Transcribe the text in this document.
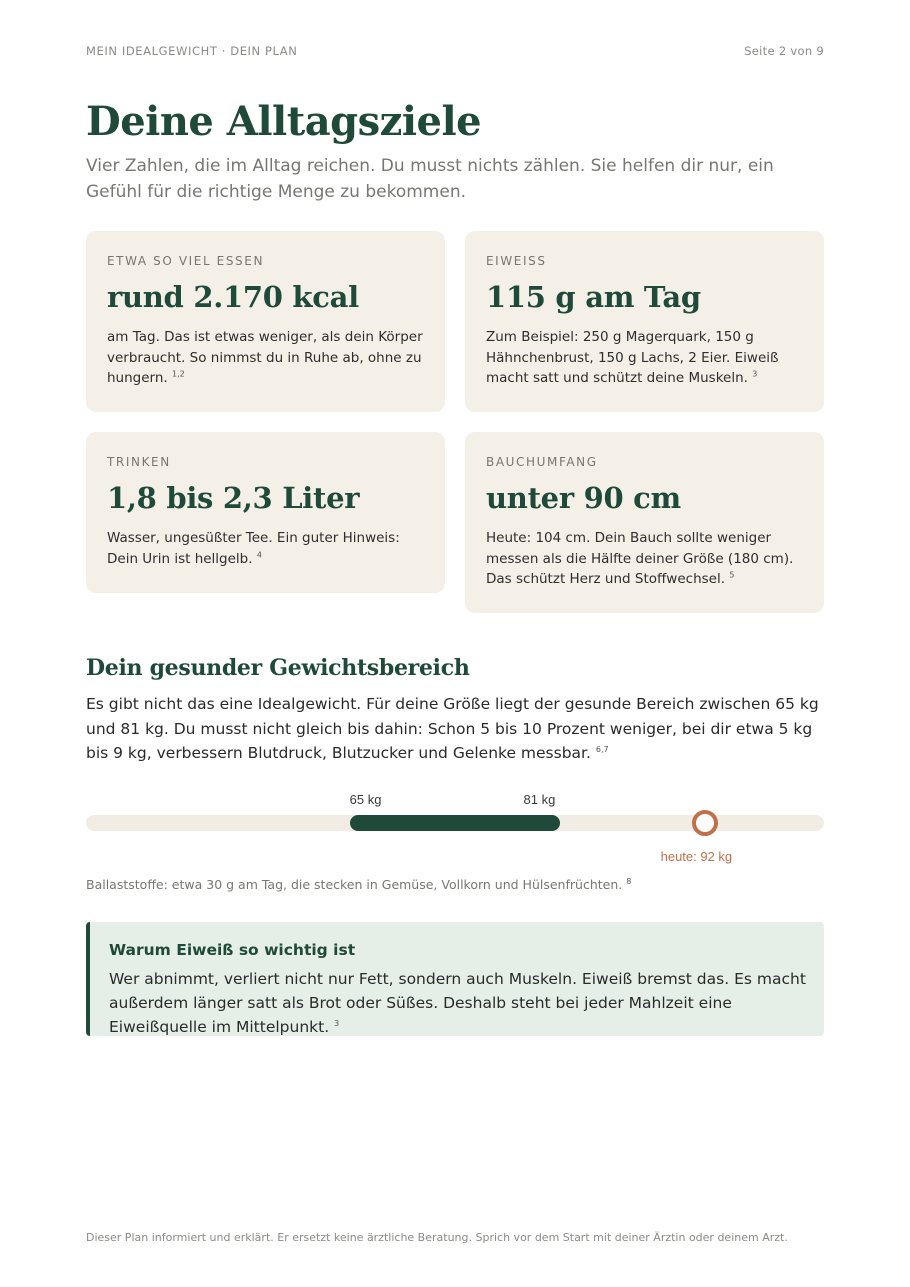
MEIN IDEALGEWICHT · DEIN PLAN	Seite 2 von 9
Deine Alltagsziele

Vier Zahlen, die im Alltag reichen. Du musst nichts zählen. Sie helfen dir nur, ein Gefühl für die richtige Menge zu bekommen.

ETWA SO VIEL ESSEN
rund 2.170 kcal

am Tag. Das ist etwas weniger, als dein Körper verbraucht. So nimmst du in Ruhe ab, ohne zu hungern. $^{1,2}$

EIWEISS
115 g am Tag

Zum Beispiel: 250 g Magerquark, 150 g Hähnchenbrust, 150 g Lachs, 2 Eier. Eiweiß macht satt und schützt deine Muskeln. $^3$

TRINKEN
1,8 bis 2,3 Liter

Wasser, ungesüßter Tee. Ein guter Hinweis: Dein Urin ist hellgelb. $^4$

BAUCHUMFANG
unter 90 cm

Heute: 104 cm. Dein Bauch sollte weniger messen als die Hälfte deiner Größe (180 cm). Das schützt Herz und Stoffwechsel. $^5$

Dein gesunder Gewichtsbereich

Es gibt nicht das eine Idealgewicht. Für deine Größe liegt der gesunde Bereich zwischen 65 kg und 81 kg. Du musst nicht gleich bis dahin: Schon 5 bis 10 Prozent weniger, bei dir etwa 5 kg bis 9 kg, verbessern Blutdruck, Blutzucker und Gelenke messbar. $^{6,7}$

65 kg	81 kg
heute: 92 kg

Ballaststoffe: etwa 30 g am Tag, die stecken in Gemüse, Vollkorn und Hülsenfrüchten. $^8$

Warum Eiweiß so wichtig ist

Wer abnimmt, verliert nicht nur Fett, sondern auch Muskeln. Eiweiß bremst das. Es macht außerdem länger satt als Brot oder Süßes. Deshalb steht bei jeder Mahlzeit eine Eiweißquelle im Mittelpunkt. $^3$

Dieser Plan informiert und erklärt. Er ersetzt keine ärztliche Beratung. Sprich vor dem Start mit deiner Ärztin oder deinem Arzt.
